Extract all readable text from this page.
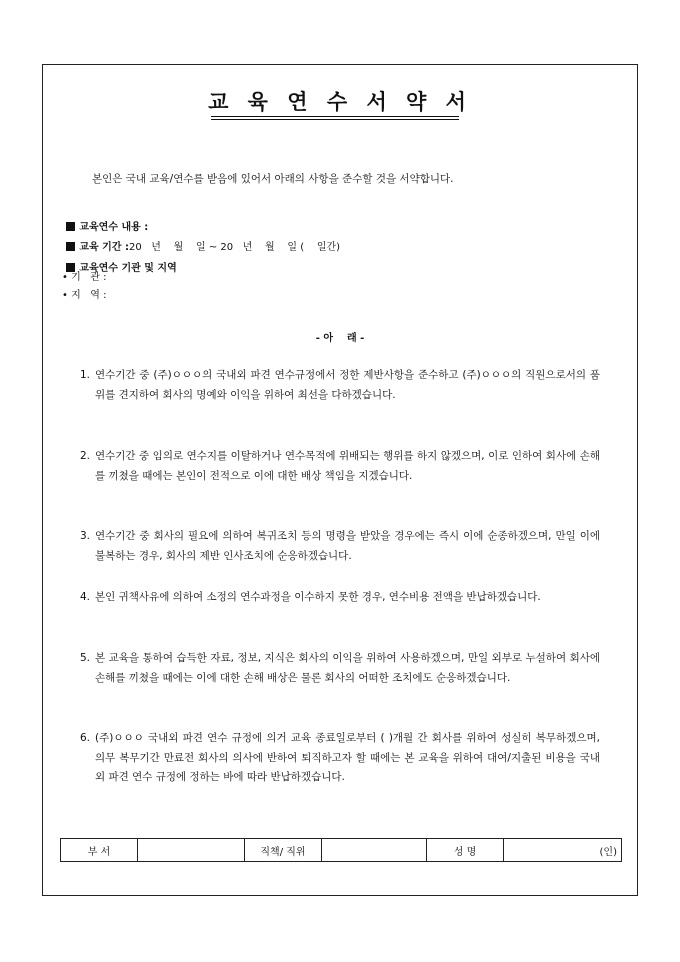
교 육 연 수 서 약 서
본인은 국내 교육/연수를 받음에 있어서 아래의 사항을 준수할 것을 서약합니다.

교육연수 내용 :

교육 기간 :20   년    월    일 ~ 20   년    월    일 (    일간)

교육연수 기관 및 지역

• 기   관 :
• 지   역 :
- 아    래 -
1. 연수기간 중 (주)ㅇㅇㅇ의 국내외 파견 연수규정에서 정한 제반사항을 준수하고 (주)ㅇㅇㅇ의 직원으로서의 품위를 견지하여 회사의 명예와 이익을 위하여 최선을 다하겠습니다.
2. 연수기간 중 임의로 연수지를 이탈하거나 연수목적에 위배되는 행위를 하지 않겠으며, 이로 인하여 회사에 손해를 끼쳤을 때에는 본인이 전적으로 이에 대한 배상 책임을 지겠습니다.
3. 연수기간 중 회사의 필요에 의하여 복귀조치 등의 명령을 받았을 경우에는 즉시 이에 순종하겠으며, 만일 이에 불복하는 경우, 회사의 제반 인사조치에 순응하겠습니다.
4. 본인 귀책사유에 의하여 소정의 연수과정을 이수하지 못한 경우, 연수비용 전액을 반납하겠습니다.
5. 본 교육을 통하여 습득한 자료, 정보, 지식은 회사의 이익을 위하여 사용하겠으며, 만일 외부로 누설하여 회사에 손해를 끼쳤을 때에는 이에 대한 손해 배상은 물론 회사의 어떠한 조치에도 순응하겠습니다.
6. (주)ㅇㅇㅇ 국내외 파견 연수 규정에 의거 교육 종료일로부터 ( )개월 간 회사를 위하여 성실히 복무하겠으며, 의무 복무기간 만료전 회사의 의사에 반하여 퇴직하고자 할 때에는 본 교육을 위하여 대여/지출된 비용을 국내외 파견 연수 규정에 정하는 바에 따라 반납하겠습니다.
부 서		직책/ 직위		성 명	(인)
